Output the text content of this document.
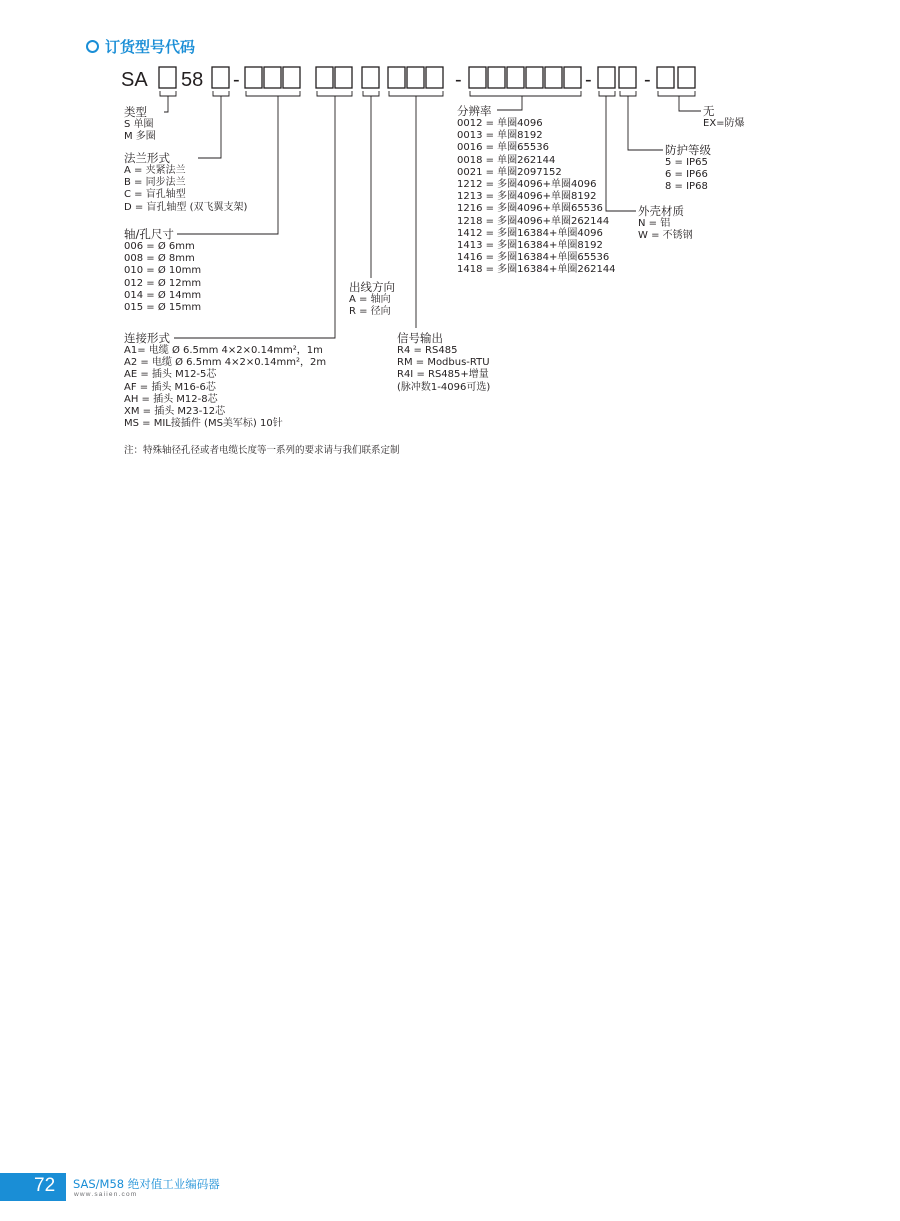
订货型号代码
SA 58 -	-	-	-
类型
S 单圈
M 多圈
法兰形式
A = 夹紧法兰
B = 同步法兰
C = 盲孔轴型
D = 盲孔轴型 (双飞翼支架)
轴/孔尺寸
006 = Ø 6mm
008 = Ø 8mm
010 = Ø 10mm
012 = Ø 12mm
014 = Ø 14mm
015 = Ø 15mm
连接形式
A1= 电缆 Ø 6.5mm 4×2×0.14mm²，1m
A2 = 电缆 Ø 6.5mm 4×2×0.14mm²，2m
AE = 插头 M12-5芯
AF = 插头 M16-6芯
AH = 插头 M12-8芯
XM = 插头 M23-12芯
MS = MIL接插件 (MS美军标) 10针
出线方向
A = 轴向
R = 径向
信号输出
R4 = RS485
RM = Modbus-RTU
R4I = RS485+增量
(脉冲数1-4096可选)
分辨率
0012 = 单圈4096
0013 = 单圈8192
0016 = 单圈65536
0018 = 单圈262144
0021 = 单圈2097152
1212 = 多圈4096+单圈4096
1213 = 多圈4096+单圈8192
1216 = 多圈4096+单圈65536
1218 = 多圈4096+单圈262144
1412 = 多圈16384+单圈4096
1413 = 多圈16384+单圈8192
1416 = 多圈16384+单圈65536
1418 = 多圈16384+单圈262144
外壳材质
N = 铝
W = 不锈钢
防护等级
5 = IP65
6 = IP66
8 = IP68
无
EX=防爆
注：特殊轴径孔径或者电缆长度等一系列的要求请与我们联系定制
72 SAS/M58 绝对值工业编码器
www.saiien.com
